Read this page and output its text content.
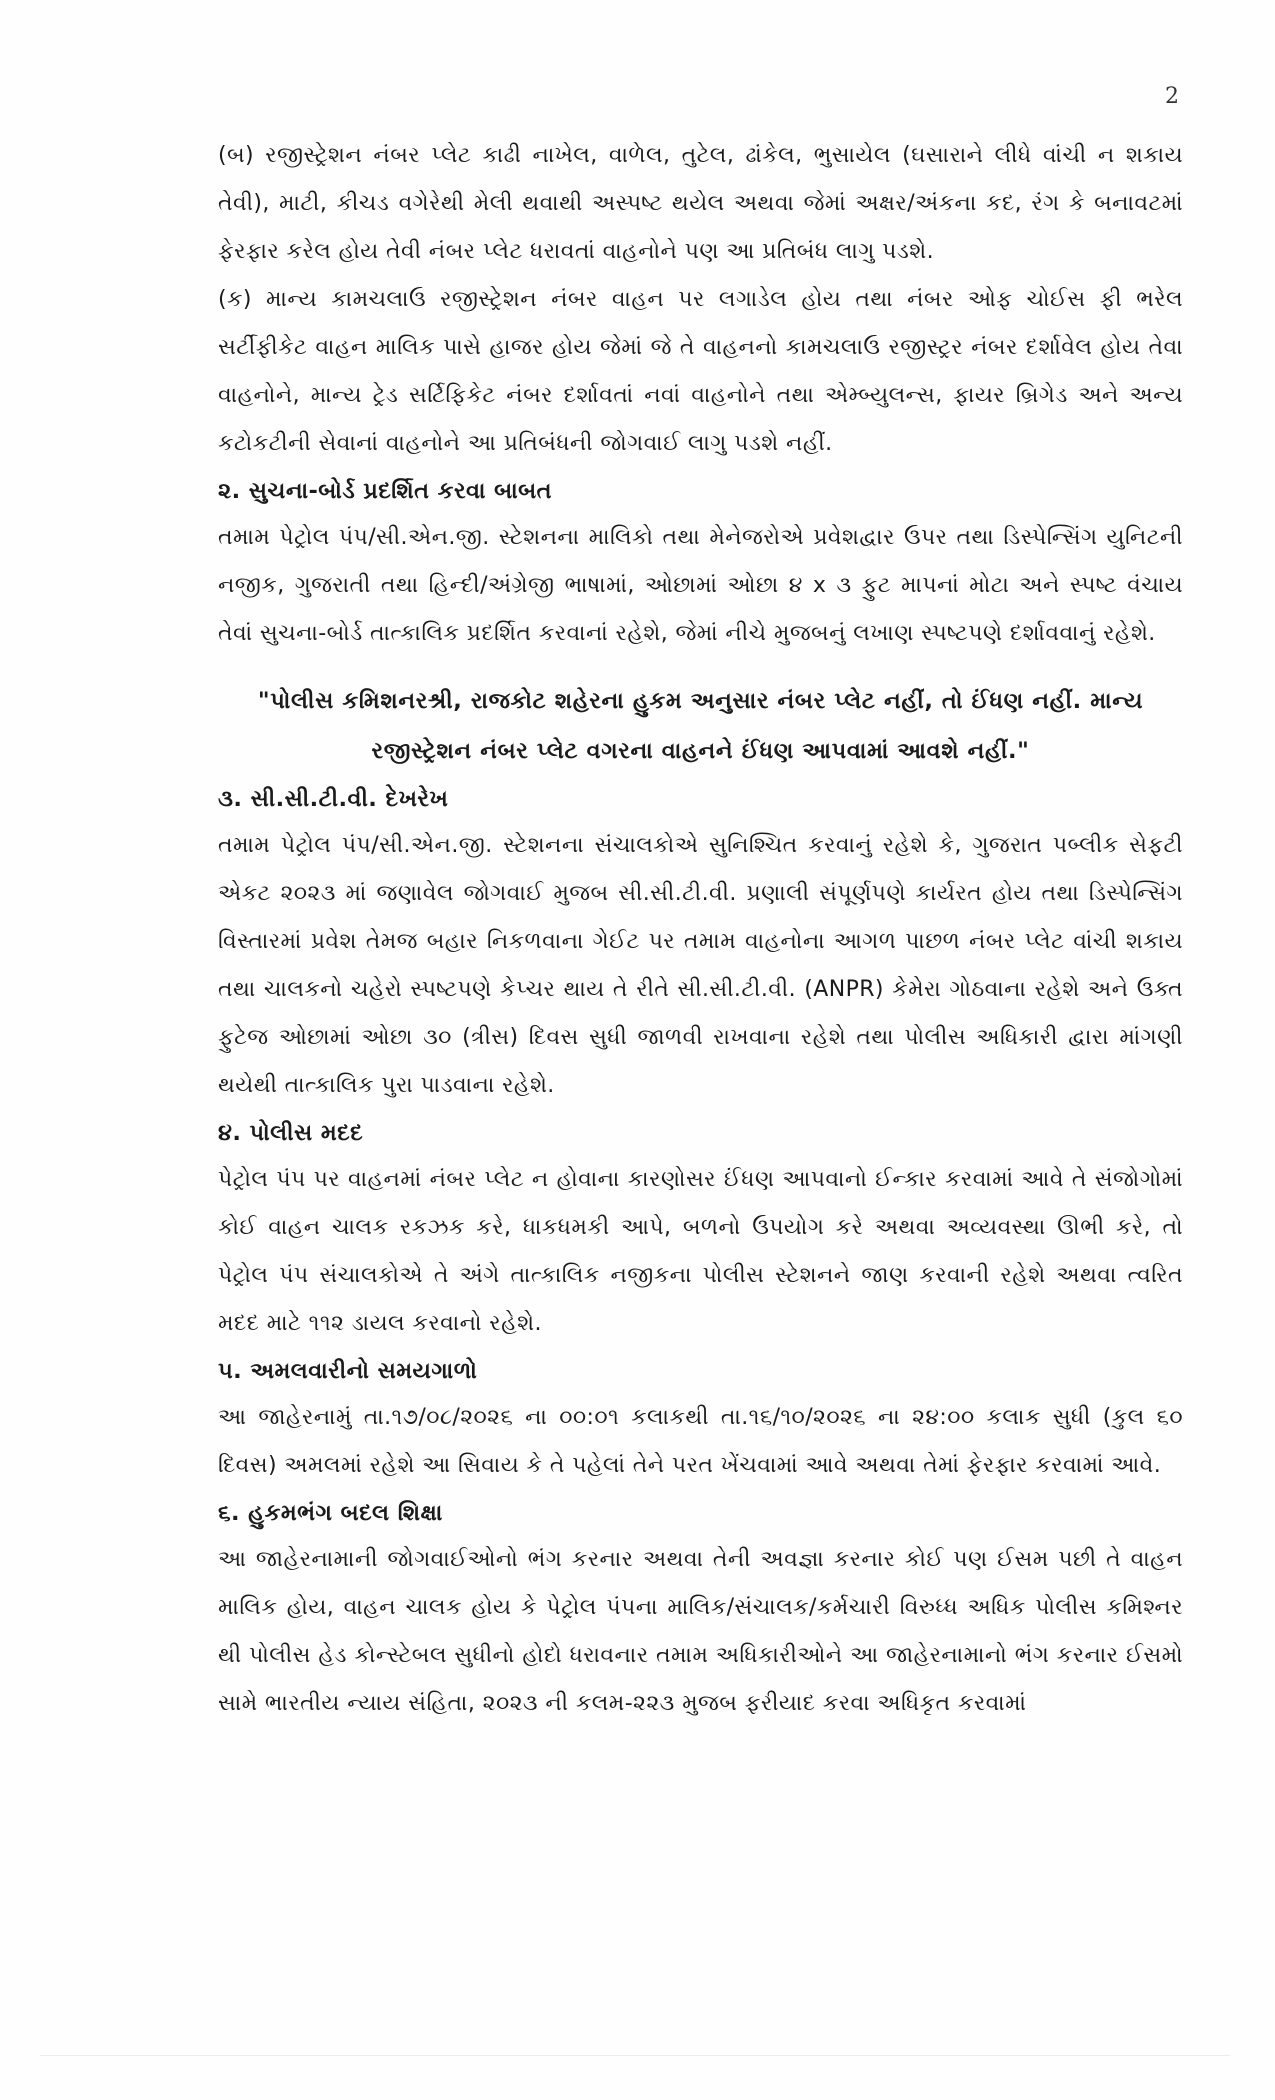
2

(બ) રજીસ્ટ્રેશન નંબર પ્લેટ કાઢી નાખેલ, વાળેલ, તુટેલ, ઢાંકેલ, ભુસાયેલ (ઘસારાને લીધે વાંચી ન શકાય તેવી), માટી, કીચડ વગેરેથી મેલી થવાથી અસ્પષ્ટ થયેલ અથવા જેમાં અક્ષર/અંકના કદ, રંગ કે બનાવટમાં ફેરફાર કરેલ હોય તેવી નંબર પ્લેટ ધરાવતાં વાહનોને પણ આ પ્રતિબંધ લાગુ પડશે.

(ક) માન્ય કામચલાઉ રજીસ્ટ્રેશન નંબર વાહન પર લગાડેલ હોય તથા નંબર ઓફ ચોઈસ ફી ભરેલ સર્ટીફીકેટ વાહન માલિક પાસે હાજર હોય જેમાં જે તે વાહનનો કામચલાઉ રજીસ્ટ્રર નંબર દર્શાવેલ હોય તેવા વાહનોને, માન્ય ટ્રેડ સર્ટિફિકેટ નંબર દર્શાવતાં નવાં વાહનોને તથા એમ્બ્યુલન્સ, ફાયર બ્રિગેડ અને અન્ય કટોકટીની સેવાનાં વાહનોને આ પ્રતિબંધની જોગવાઈ લાગુ પડશે નહીં.

૨. સુચના-બોર્ડ પ્રદર્શિત કરવા બાબત

તમામ પેટ્રોલ પંપ/સી.એન.જી. સ્ટેશનના માલિકો તથા મેનેજરોએ પ્રવેશદ્વાર ઉપર તથા ડિસ્પેન્સિંગ યુનિટની નજીક, ગુજરાતી તથા હિન્દી/અંગ્રેજી ભાષામાં, ઓછામાં ઓછા ૪ x ૩ ફુટ માપનાં મોટા અને સ્પષ્ટ વંચાય તેવાં સુચના-બોર્ડ તાત્કાલિક પ્રદર્શિત કરવાનાં રહેશે, જેમાં નીચે મુજબનું લખાણ સ્પષ્ટપણે દર્શાવવાનું રહેશે.

"પોલીસ કમિશનરશ્રી, રાજકોટ શહેરના હુકમ અનુસાર નંબર પ્લેટ નહીં, તો ઈંધણ નહીં. માન્ય
રજીસ્ટ્રેશન નંબર પ્લેટ વગરના વાહનને ઈંધણ આપવામાં આવશે નહીં."
૩. સી.સી.ટી.વી. દેખરેખ

તમામ પેટ્રોલ પંપ/સી.એન.જી. સ્ટેશનના સંચાલકોએ સુનિશ્ચિત કરવાનું રહેશે કે, ગુજરાત પબ્લીક સેફટી એકટ ૨૦૨૩ માં જણાવેલ જોગવાઈ મુજબ સી.સી.ટી.વી. પ્રણાલી સંપૂર્ણપણે કાર્યરત હોય તથા ડિસ્પેન્સિંગ વિસ્તારમાં પ્રવેશ તેમજ બહાર નિકળવાના ગેઈટ પર તમામ વાહનોના આગળ પાછળ નંબર પ્લેટ વાંચી શકાય તથા ચાલકનો ચહેરો સ્પષ્ટપણે કેપ્ચર થાય તે રીતે સી.સી.ટી.વી. (ANPR) કેમેરા ગોઠવાના રહેશે અને ઉક્ત ફુટેજ ઓછામાં ઓછા ૩૦ (ત્રીસ) દિવસ સુધી જાળવી રાખવાના રહેશે તથા પોલીસ અધિકારી દ્વારા માંગણી થયેથી તાત્કાલિક પુરા પાડવાના રહેશે.

૪. પોલીસ મદદ

પેટ્રોલ પંપ પર વાહનમાં નંબર પ્લેટ ન હોવાના કારણોસર ઈંધણ આપવાનો ઈન્કાર કરવામાં આવે તે સંજોગોમાં કોઈ વાહન ચાલક રકઝક કરે, ધાકધમકી આપે, બળનો ઉપયોગ કરે અથવા અવ્યવસ્થા ઊભી કરે, તો પેટ્રોલ પંપ સંચાલકોએ તે અંગે તાત્કાલિક નજીકના પોલીસ સ્ટેશનને જાણ કરવાની રહેશે અથવા ત્વરિત મદદ માટે ૧૧૨ ડાયલ કરવાનો રહેશે.

૫. અમલવારીનો સમયગાળો

આ જાહેરનામું તા.૧૭/૦૮/૨૦૨૬ ના ૦૦:૦૧ કલાકથી તા.૧૬/૧૦/૨૦૨૬ ના ૨૪:૦૦ કલાક સુધી (કુલ ૬૦ દિવસ) અમલમાં રહેશે આ સિવાય કે તે પહેલાં તેને પરત ખેંચવામાં આવે અથવા તેમાં ફેરફાર કરવામાં આવે.

૬. હુકમભંગ બદલ શિક્ષા

આ જાહેરનામાની જોગવાઈઓનો ભંગ કરનાર અથવા તેની અવજ્ઞા કરનાર કોઈ પણ ઈસમ પછી તે વાહન માલિક હોય, વાહન ચાલક હોય કે પેટ્રોલ પંપના માલિક/સંચાલક/કર્મચારી વિરુધ્ધ અધિક પોલીસ કમિશ્નર થી પોલીસ હેડ કોન્સ્ટેબલ સુધીનો હોદો ધરાવનાર તમામ અધિકારીઓને આ જાહેરનામાનો ભંગ કરનાર ઈસમો સામે ભારતીય ન્યાય સંહિતા, ૨૦૨૩ ની કલમ-૨૨૩ મુજબ ફરીયાદ કરવા અધિકૃત કરવામાં
